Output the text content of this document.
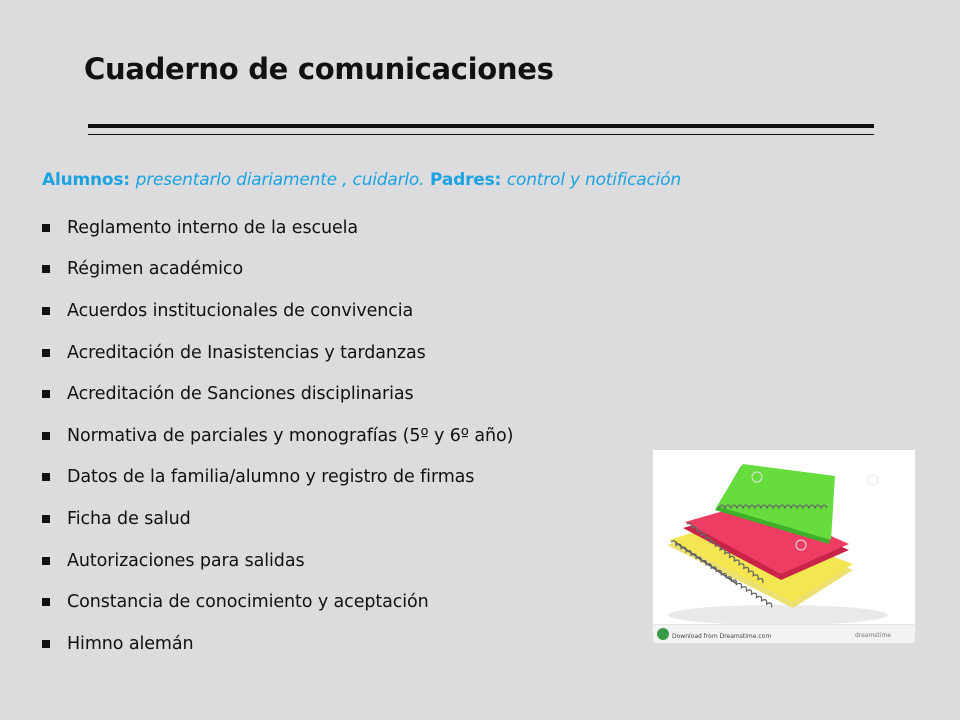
Cuaderno de comunicaciones
Alumnos: presentarlo diariamente , cuidarlo. Padres: control y notificación
Reglamento interno de la escuela
Régimen académico
Acuerdos institucionales de convivencia
Acreditación de Inasistencias y tardanzas
Acreditación de Sanciones disciplinarias
Normativa de parciales y monografías (5º y 6º año)
Datos de la familia/alumno y registro de firmas
Ficha de salud
Autorizaciones para salidas
Constancia de conocimiento y aceptación
Himno alemán	Download from Dreamstime.com	dreamstime
